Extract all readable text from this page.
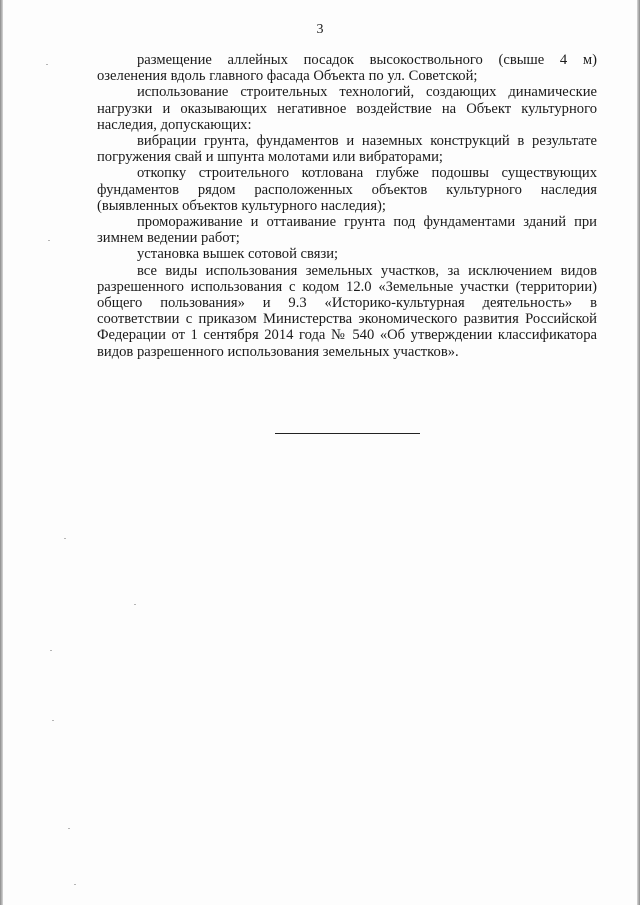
3

размещение аллейных посадок высокоствольного (свыше 4 м) озеленения вдоль главного фасада Объекта по ул. Советской;

использование строительных технологий, создающих динамические нагрузки и оказывающих негативное воздействие на Объект культурного наследия, допускающих:

вибрации грунта, фундаментов и наземных конструкций в результате погружения свай и шпунта молотами или вибраторами;

откопку строительного котлована глубже подошвы существующих фундаментов рядом расположенных объектов культурного наследия (выявленных объектов культурного наследия);

промораживание и оттаивание грунта под фундаментами зданий при зимнем ведении работ;

установка вышек сотовой связи;

все виды использования земельных участков, за исключением видов разрешенного использования с кодом 12.0 «Земельные участки (территории) общего пользования» и 9.3 «Историко-культурная деятельность» в соответствии с приказом Министерства экономического развития Российской Федерации от 1 сентября 2014 года № 540 «Об утверждении классификатора видов разрешенного использования земельных участков».
